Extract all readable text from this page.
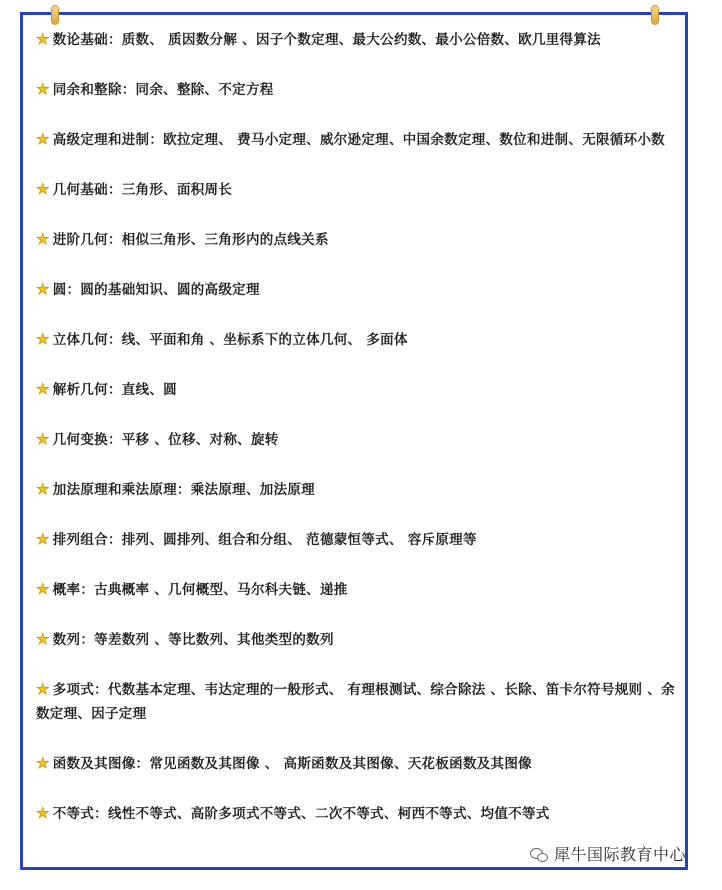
★ 数论基础：质数、 质因数分解 、因子个数定理、最大公约数、最小公倍数、欧几里得算法
★ 同余和整除：同余、整除、不定方程
★ 高级定理和进制：欧拉定理、 费马小定理、威尔逊定理、中国余数定理、数位和进制、无限循环小数
★ 几何基础：三角形、面积周长
★ 进阶几何：相似三角形、三角形内的点线关系
★ 圆：圆的基础知识、圆的高级定理
★ 立体几何：线、平面和角 、坐标系下的立体几何、 多面体
★ 解析几何：直线、圆
★ 几何变换：平移 、位移、对称、旋转
★ 加法原理和乘法原理：乘法原理、加法原理
★ 排列组合：排列、圆排列、组合和分组、 范德蒙恒等式、 容斥原理等
★ 概率：古典概率 、几何概型、马尔科夫链、递推
★ 数列：等差数列 、等比数列、其他类型的数列
★ 多项式：代数基本定理、韦达定理的一般形式、 有理根测试、综合除法 、长除、笛卡尔符号规则 、余数定理、因子定理
★ 函数及其图像：常见函数及其图像 、 高斯函数及其图像、天花板函数及其图像
★ 不等式：线性不等式、高阶多项式不等式、二次不等式、柯西不等式、均值不等式
犀牛国际教育中心
